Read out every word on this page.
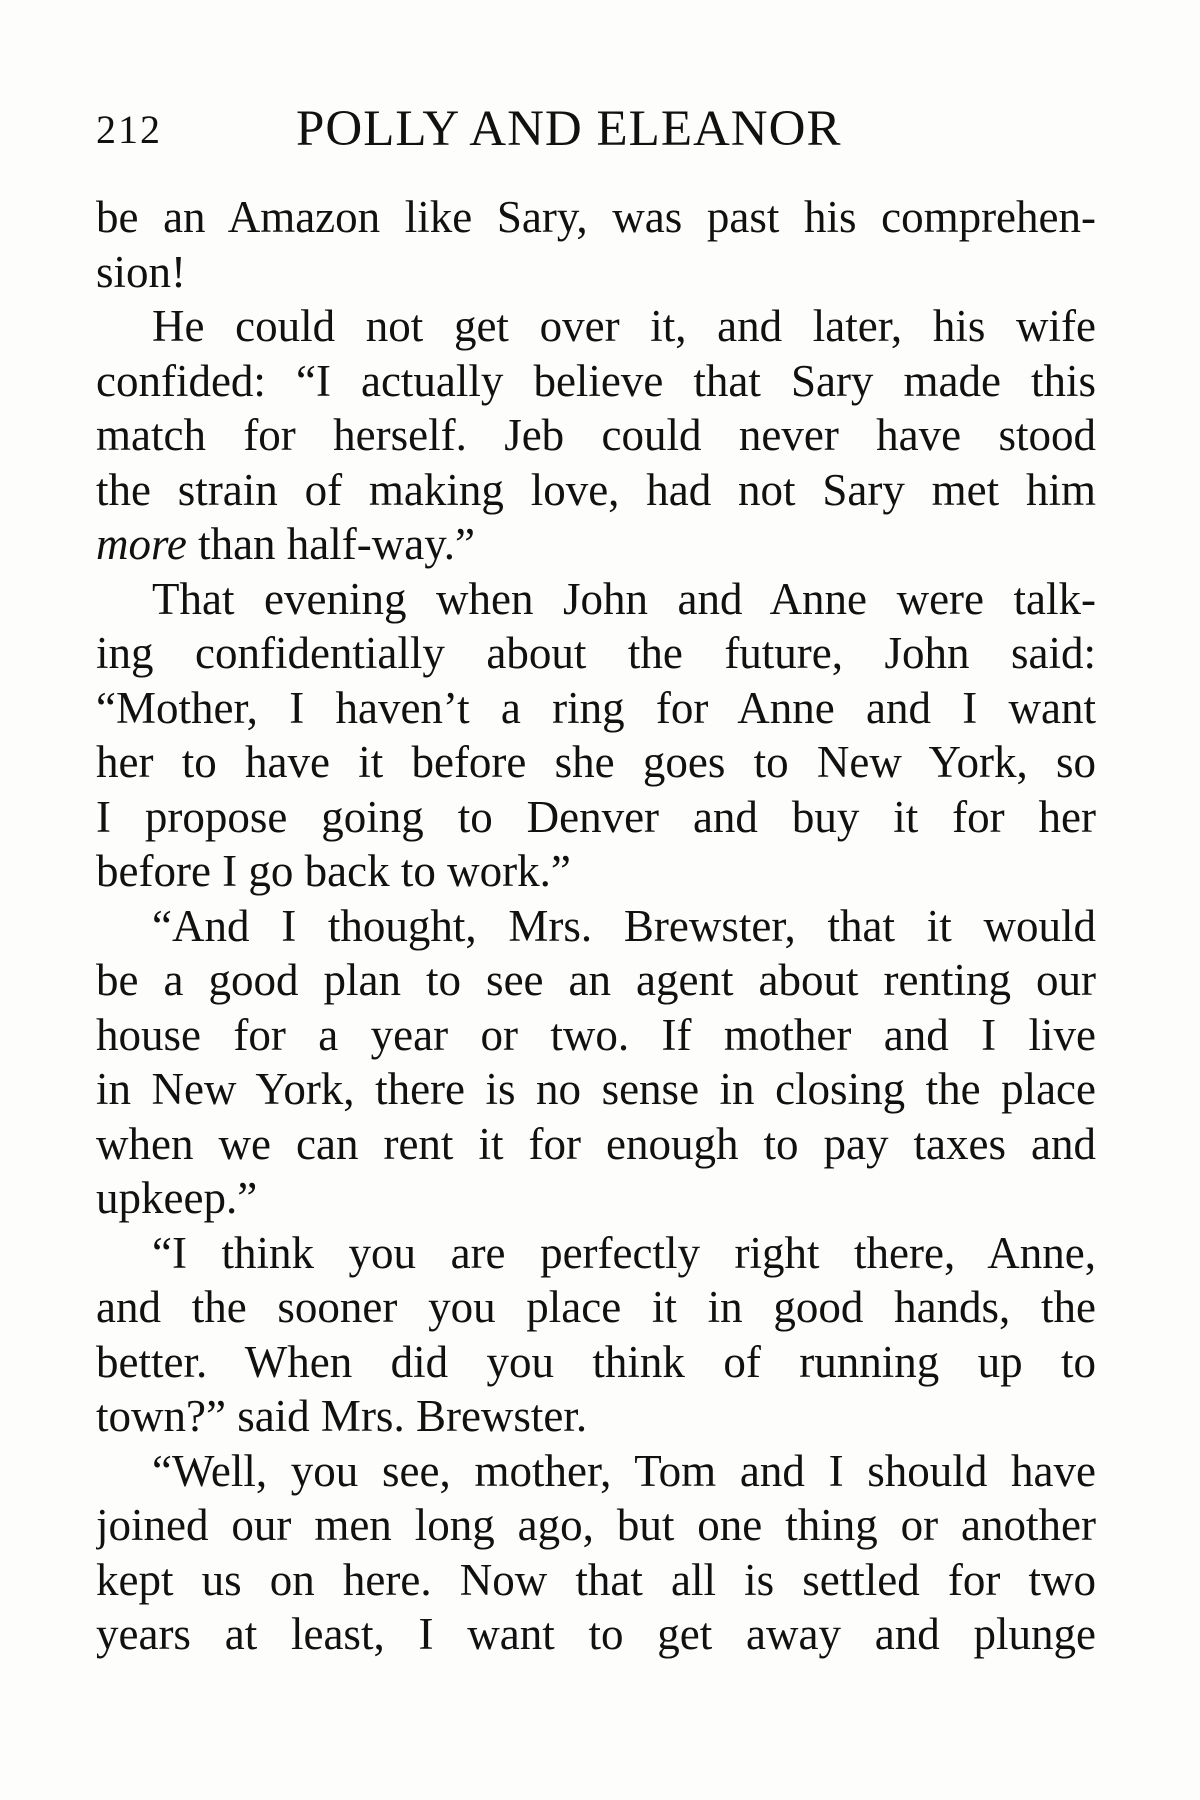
212	POLLY AND ELEANOR
be an Amazon like Sary, was past his comprehen-
sion!
He could not get over it, and later, his wife
confided: “I actually believe that Sary made this
match for herself. Jeb could never have stood
the strain of making love, had not Sary met him
more than half-way.”
That evening when John and Anne were talk-
ing confidentially about the future, John said:
“Mother, I haven’t a ring for Anne and I want
her to have it before she goes to New York, so
I propose going to Denver and buy it for her
before I go back to work.”
“And I thought, Mrs. Brewster, that it would
be a good plan to see an agent about renting our
house for a year or two. If mother and I live
in New York, there is no sense in closing the place
when we can rent it for enough to pay taxes and
upkeep.”
“I think you are perfectly right there, Anne,
and the sooner you place it in good hands, the
better. When did you think of running up to
town?” said Mrs. Brewster.
“Well, you see, mother, Tom and I should have
joined our men long ago, but one thing or another
kept us on here. Now that all is settled for two
years at least, I want to get away and plunge
